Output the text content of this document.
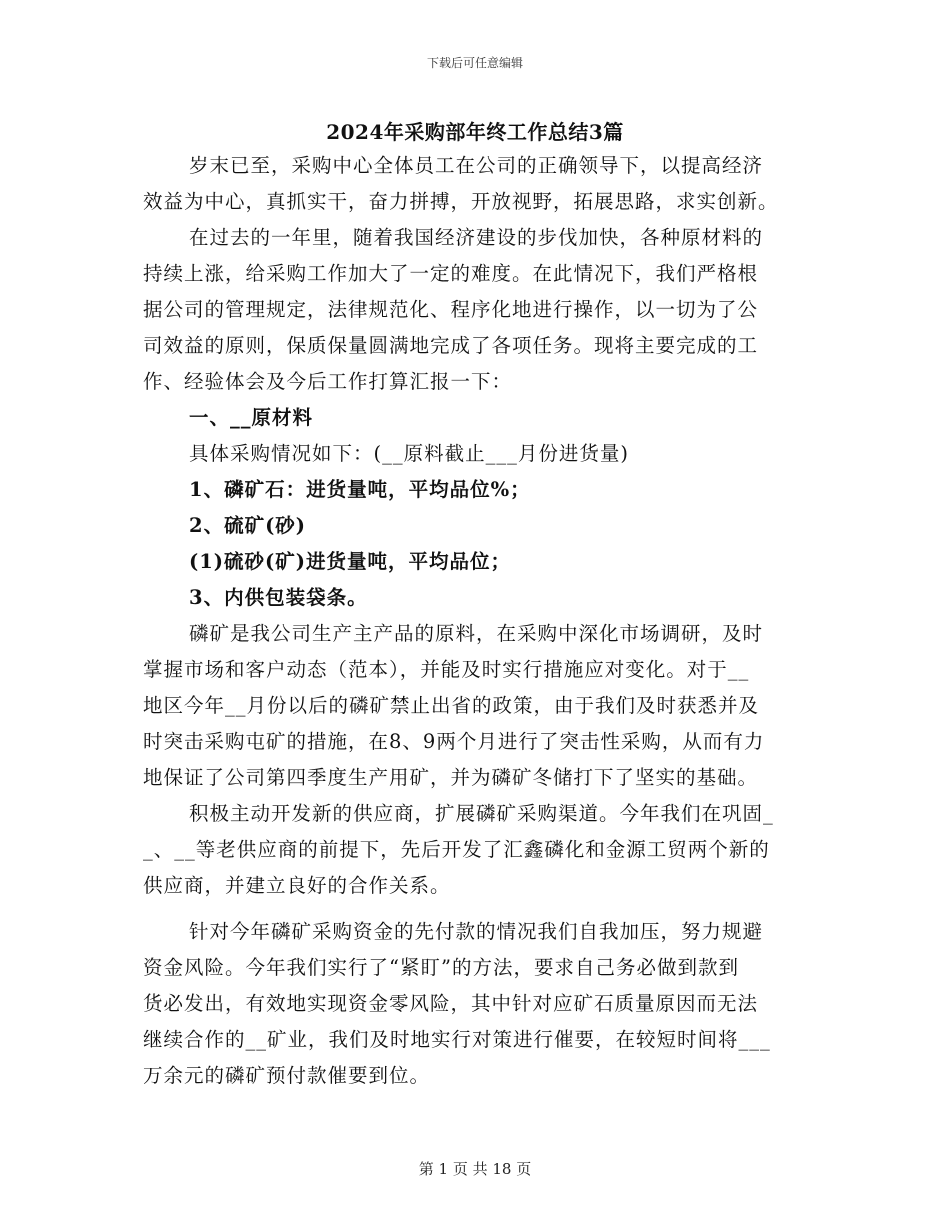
下载后可任意编辑
2024年采购部年终工作总结3篇
岁末已至，采购中心全体员工在公司的正确领导下，以提高经济
效益为中心，真抓实干，奋力拼搏，开放视野，拓展思路，求实创新。
在过去的一年里，随着我国经济建设的步伐加快，各种原材料的
持续上涨，给采购工作加大了一定的难度。在此情况下，我们严格根
据公司的管理规定，法律规范化、程序化地进行操作，以一切为了公
司效益的原则，保质保量圆满地完成了各项任务。现将主要完成的工
作、经验体会及今后工作打算汇报一下：
一、__原材料
具体采购情况如下：(__原料截止___月份进货量)
1、磷矿石：进货量吨，平均品位%；
2、硫矿(砂)
(1)硫砂(矿)进货量吨，平均品位；
3、内供包装袋条。
磷矿是我公司生产主产品的原料，在采购中深化市场调研，及时
掌握市场和客户动态（范本），并能及时实行措施应对变化。对于__
地区今年__月份以后的磷矿禁止出省的政策，由于我们及时获悉并及
时突击采购屯矿的措施，在8、9两个月进行了突击性采购，从而有力
地保证了公司第四季度生产用矿，并为磷矿冬储打下了坚实的基础。
积极主动开发新的供应商，扩展磷矿采购渠道。今年我们在巩固_
_、__等老供应商的前提下，先后开发了汇鑫磷化和金源工贸两个新的
供应商，并建立良好的合作关系。
针对今年磷矿采购资金的先付款的情况我们自我加压，努力规避
资金风险。今年我们实行了“紧盯”的方法，要求自己务必做到款到
货必发出，有效地实现资金零风险，其中针对应矿石质量原因而无法
继续合作的__矿业，我们及时地实行对策进行催要，在较短时间将___
万余元的磷矿预付款催要到位。
第 1 页 共 18 页
